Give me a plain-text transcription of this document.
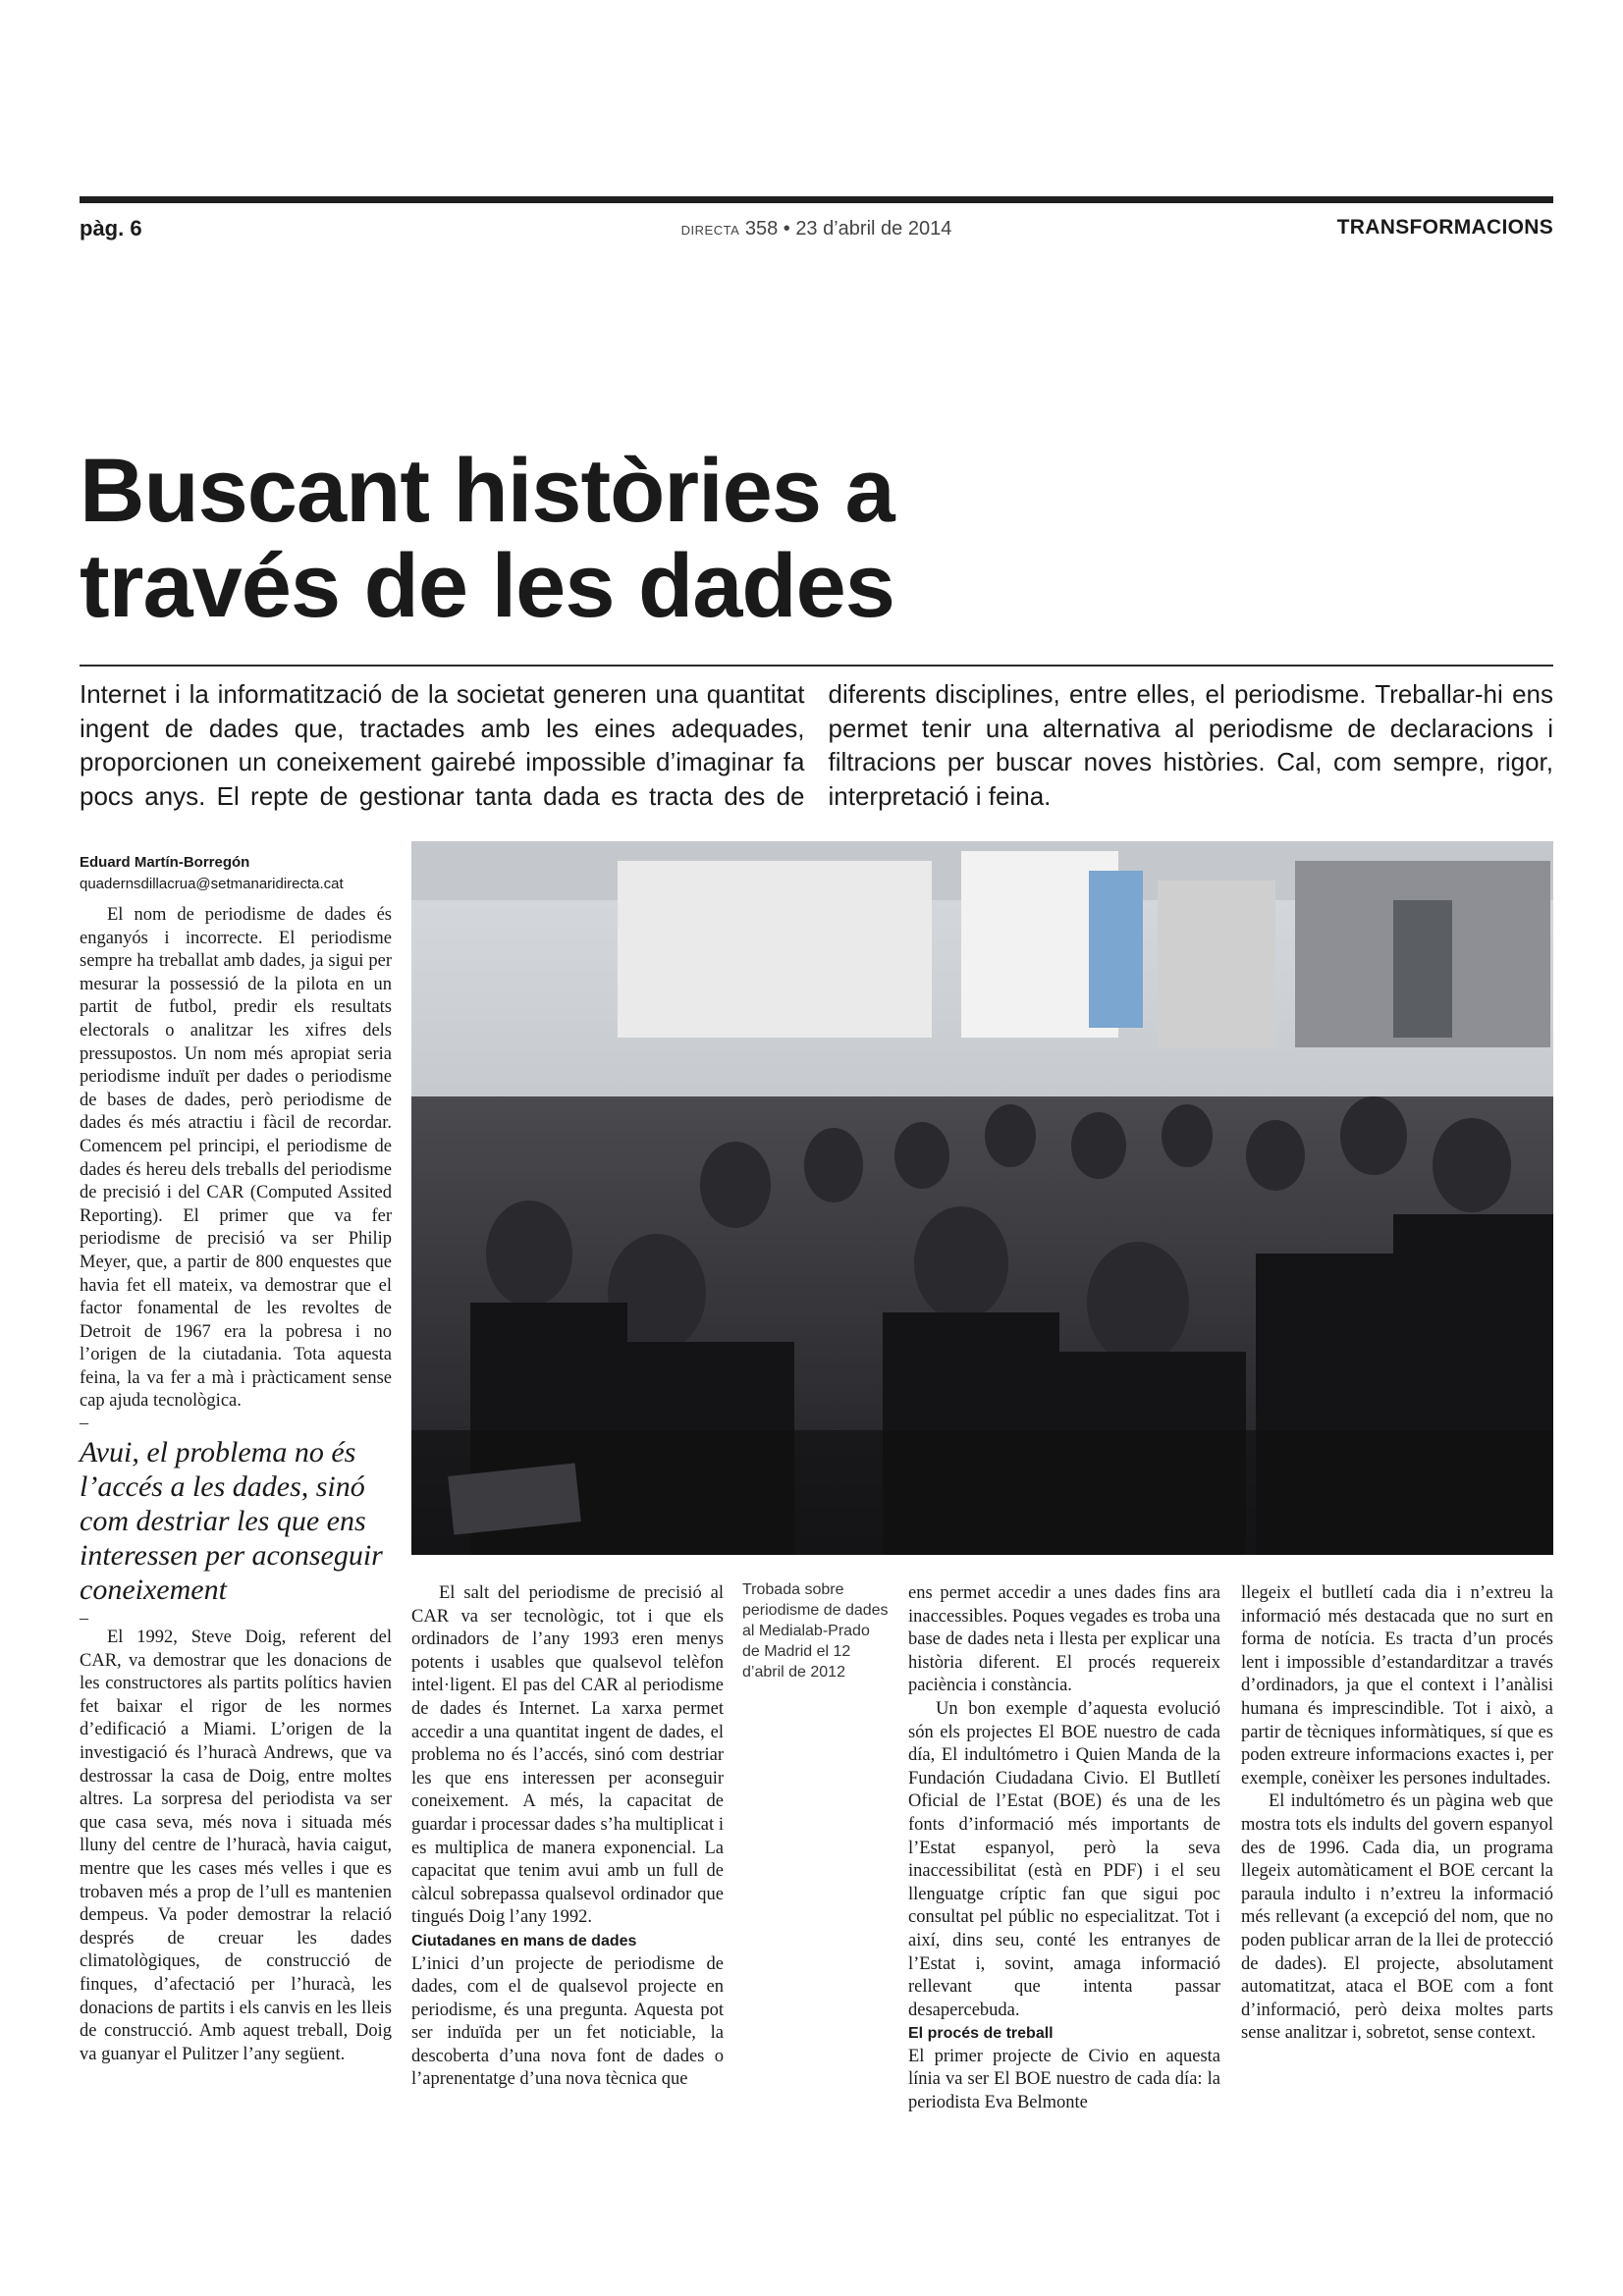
pàg. 6	DIRECTA 358 • 23 d’abril de 2014	TRANSFORMACIONS
Buscant històries a
través de les dades
Internet i la informatització de la societat generen una quantitat ingent de dades que, tractades amb les eines adequades, proporcionen un coneixement gairebé impossible d’imaginar fa pocs anys. El repte de gestionar tanta dada es tracta des de diferents disciplines, entre elles, el periodisme. Treballar-hi ens permet tenir una alternativa al periodisme de declaracions i filtracions per buscar noves històries. Cal, com sempre, rigor, interpretació i feina.
Eduard Martín-Borregón
quadernsdillacrua@setmanaridirecta.cat

El nom de periodisme de dades és enganyós i incorrecte. El periodisme sempre ha treballat amb dades, ja sigui per mesurar la possessió de la pilota en un partit de futbol, predir els resultats electorals o analitzar les xifres dels pressupostos. Un nom més apropiat seria periodisme induït per dades o periodisme de bases de dades, però periodisme de dades és més atractiu i fàcil de recordar. Comencem pel principi, el periodisme de dades és hereu dels treballs del periodisme de precisió i del CAR (Computed Assited Reporting). El primer que va fer periodisme de precisió va ser Philip Meyer, que, a partir de 800 enquestes que havia fet ell mateix, va demostrar que el factor fonamental de les revoltes de Detroit de 1967 era la pobresa i no l’origen de la ciutadania. Tota aquesta feina, la va fer a mà i pràcticament sense cap ajuda tecnològica.

–
Avui, el problema no és l’accés a les dades, sinó com destriar les que ens interessen per aconseguir coneixement
–

El 1992, Steve Doig, referent del CAR, va demostrar que les donacions de les constructores als partits polítics havien fet baixar el rigor de les normes d’edificació a Miami. L’origen de la investigació és l’huracà Andrews, que va destrossar la casa de Doig, entre moltes altres. La sorpresa del periodista va ser que casa seva, més nova i situada més lluny del centre de l’huracà, havia caigut, mentre que les cases més velles i que es trobaven més a prop de l’ull es mantenien dempeus. Va poder demostrar la relació després de creuar les dades climatològiques, de construcció de finques, d’afectació per l’huracà, les donacions de partits i els canvis en les lleis de construcció. Amb aquest treball, Doig va guanyar el Pulitzer l’any següent.

El salt del periodisme de precisió al CAR va ser tecnològic, tot i que els ordinadors de l’any 1993 eren menys potents i usables que qualsevol telèfon intel·ligent. El pas del CAR al periodisme de dades és Internet. La xarxa permet accedir a una quantitat ingent de dades, el problema no és l’accés, sinó com destriar les que ens interessen per aconseguir coneixement. A més, la capacitat de guardar i processar dades s’ha multiplicat i es multiplica de manera exponencial. La capacitat que tenim avui amb un full de càlcul sobrepassa qualsevol ordinador que tingués Doig l’any 1992.

Ciutadanes en mans de dades

L’inici d’un projecte de periodisme de dades, com el de qualsevol projecte en periodisme, és una pregunta. Aquesta pot ser induïda per un fet noticiable, la descoberta d’una nova font de dades o l’aprenentatge d’una nova tècnica que

Trobada sobre periodisme de dades al Medialab-Prado de Madrid el 12 d’abril de 2012

ens permet accedir a unes dades fins ara inaccessibles. Poques vegades es troba una base de dades neta i llesta per explicar una història diferent. El procés requereix paciència i constància.

Un bon exemple d’aquesta evolució són els projectes El BOE nuestro de cada día, El indultómetro i Quien Manda de la Fundación Ciudadana Civio. El Butlletí Oficial de l’Estat (BOE) és una de les fonts d’informació més importants de l’Estat espanyol, però la seva inaccessibilitat (està en PDF) i el seu llenguatge críptic fan que sigui poc consultat pel públic no especialitzat. Tot i així, dins seu, conté les entranyes de l’Estat i, sovint, amaga informació rellevant que intenta passar desapercebuda.

El procés de treball

El primer projecte de Civio en aquesta línia va ser El BOE nuestro de cada día: la periodista Eva Belmonte

llegeix el butlletí cada dia i n’extreu la informació més destacada que no surt en forma de notícia. Es tracta d’un procés lent i impossible d’estandarditzar a través d’ordinadors, ja que el context i l’anàlisi humana és imprescindible. Tot i això, a partir de tècniques informàtiques, sí que es poden extreure informacions exactes i, per exemple, conèixer les persones indultades.

El indultómetro és un pàgina web que mostra tots els indults del govern espanyol des de 1996. Cada dia, un programa llegeix automàticament el BOE cercant la paraula indulto i n’extreu la informació més rellevant (a excepció del nom, que no poden publicar arran de la llei de protecció de dades). El projecte, absolutament automatitzat, ataca el BOE com a font d’informació, però deixa moltes parts sense analitzar i, sobretot, sense context.
